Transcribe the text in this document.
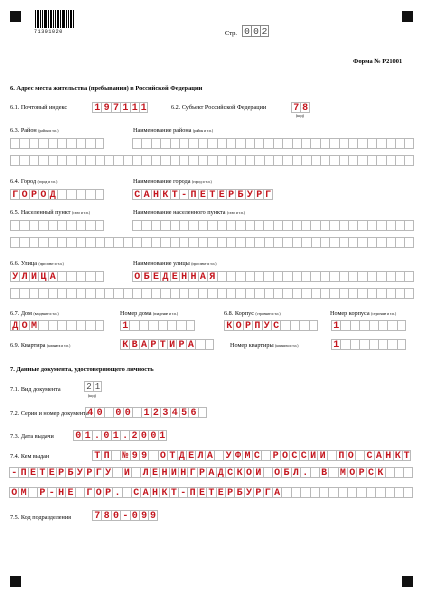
71301020	Стр. 0 0 2
Форма № Р21001
6. Адрес места жительства (пребывания) в Российской Федерации
6.1. Почтовый индекс	1 9 7 1 1 1	6.2. Субъект Российской Федерации	7 8
(код)
6.3. Район (район и т.п.)	Наименование района (район и т.п.)
6.4. Город (город и т.п.)	Наименование города (город и т.п.)
Г О Р О Д	С А Н К Т - П Е Т Е Р Б У Р Г
6.5. Населенный пункт (село и т.п.)	Наименование населенного пункта (село и т.п.)
6.6. Улица (проспект и т.п.)	Наименование улицы (проспект и т.п.)
У Л И Ц А	О Б Е Д Е Н Н А Я
6.7. Дом (владение и т.п.)	Номер дома (владение и т.п.)	6.8. Корпус (строение и т.п.)	Номер корпуса (строение и т.п.)
Д О М	1	К О Р П У С	1
6.9. Квартира (комната и т.п.)	К В А Р Т И Р А	Номер квартиры (комната и т.п.)	1
7. Данные документа, удостоверяющего личность
7.1. Вид документа	2 1
(код)
7.2. Серия и номер документа
4 0 0 0 1 2 3 4 5 6
7.3. Дата выдачи 0 1 . 0 1 . 2 0 0 1
7.4. Кем выдан	Т П № 9 9 О Т Д Е Л А У Ф М С Р О С С И И П О С А Н К Т
- П Е Т Е Р Б У Р Г У И Л Е Н И Н Г Р А Д С К О Й О Б Л . В М О Р С К
О М Р - Н Е Г О Р . С А Н К Т - П Е Т Е Р Б У Р Г А
7.5. Код подразделения 7 8 0 - 0 9 9
